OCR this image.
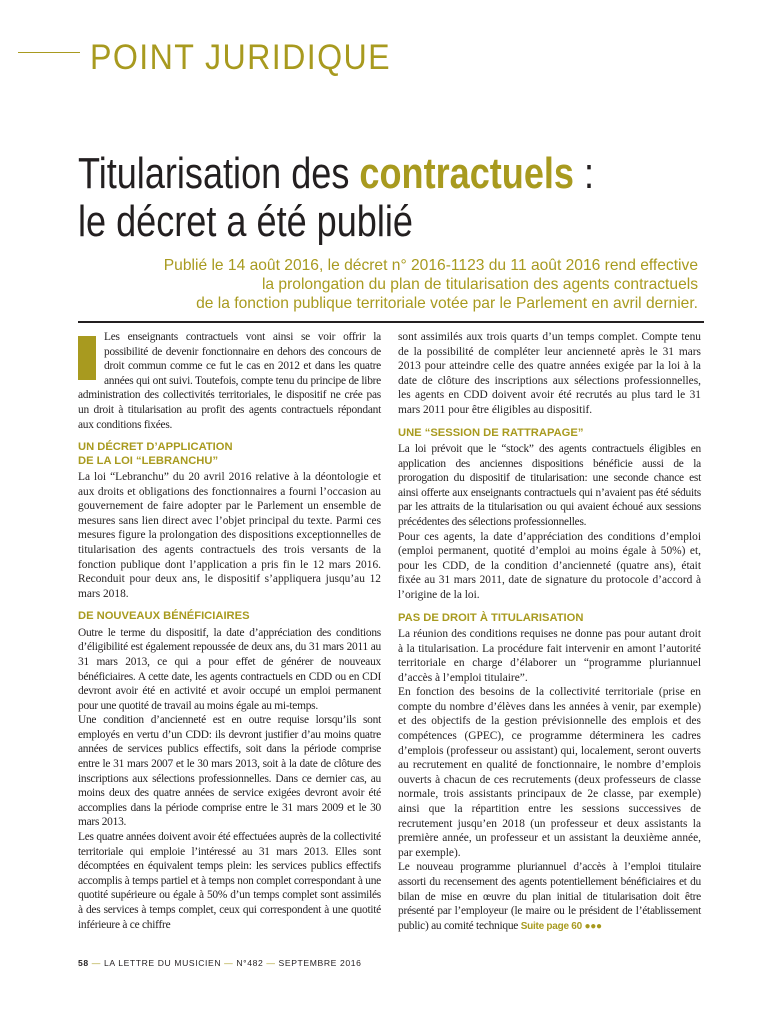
POINT JURIDIQUE
Titularisation des contractuels :
le décret a été publié

Publié le 14 août 2016, le décret n° 2016-1123 du 11 août 2016 rend effective
la prolongation du plan de titularisation des agents contractuels
de la fonction publique territoriale votée par le Parlement en avril dernier.

Les enseignants contractuels vont ainsi se voir offrir la possibilité de devenir fonctionnaire en dehors des concours de droit commun comme ce fut le cas en 2012 et dans les quatre années qui ont suivi. Toutefois, compte tenu du principe de libre administration des collectivités territoriales, le dispositif ne crée pas un droit à titularisation au profit des agents contractuels répondant aux conditions fixées.

UN DÉCRET D’APPLICATION
DE LA LOI “LEBRANCHU”

La loi “Lebranchu” du 20 avril 2016 relative à la déontologie et aux droits et obligations des fonctionnaires a fourni l’occasion au gouvernement de faire adopter par le Parlement un ensemble de mesures sans lien direct avec l’objet principal du texte. Parmi ces mesures figure la prolongation des dispositions exceptionnelles de titularisation des agents contractuels des trois versants de la fonction publique dont l’application a pris fin le 12 mars 2016. Reconduit pour deux ans, le dispositif s’appliquera jusqu’au 12 mars 2018.

DE NOUVEAUX BÉNÉFICIAIRES

Outre le terme du dispositif, la date d’appréciation des conditions d’éligibilité est également repoussée de deux ans, du 31 mars 2011 au 31 mars 2013, ce qui a pour effet de générer de nouveaux bénéficiaires. A cette date, les agents contractuels en CDD ou en CDI devront avoir été en activité et avoir occupé un emploi permanent pour une quotité de travail au moins égale au mi-temps.

Une condition d’ancienneté est en outre requise lorsqu’ils sont employés en vertu d’un CDD: ils devront justifier d’au moins quatre années de services publics effectifs, soit dans la période comprise entre le 31 mars 2007 et le 30 mars 2013, soit à la date de clôture des inscriptions aux sélections professionnelles. Dans ce dernier cas, au moins deux des quatre années de service exigées devront avoir été accomplies dans la période comprise entre le 31 mars 2009 et le 30 mars 2013.

Les quatre années doivent avoir été effectuées auprès de la collectivité territoriale qui emploie l’intéressé au 31 mars 2013. Elles sont décomptées en équivalent temps plein: les services publics effectifs accomplis à temps partiel et à temps non complet correspondant à une quotité supérieure ou égale à 50% d’un temps complet sont assimilés à des services à temps complet, ceux qui correspondent à une quotité inférieure à ce chiffre

sont assimilés aux trois quarts d’un temps complet. Compte tenu de la possibilité de compléter leur ancienneté après le 31 mars 2013 pour atteindre celle des quatre années exigée par la loi à la date de clôture des inscriptions aux sélections professionnelles, les agents en CDD doivent avoir été recrutés au plus tard le 31 mars 2011 pour être éligibles au dispositif.

UNE “SESSION DE RATTRAPAGE”

La loi prévoit que le “stock” des agents contractuels éligibles en application des anciennes dispositions bénéficie aussi de la prorogation du dispositif de titularisation: une seconde chance est ainsi offerte aux enseignants contractuels qui n’avaient pas été séduits par les attraits de la titularisation ou qui avaient échoué aux sessions précédentes des sélections professionnelles.

Pour ces agents, la date d’appréciation des conditions d’emploi (emploi permanent, quotité d’emploi au moins égale à 50%) et, pour les CDD, de la condition d’ancienneté (quatre ans), était fixée au 31 mars 2011, date de signature du protocole d’accord à l’origine de la loi.

PAS DE DROIT À TITULARISATION

La réunion des conditions requises ne donne pas pour autant droit à la titularisation. La procédure fait intervenir en amont l’autorité territoriale en charge d’élaborer un “programme pluriannuel d’accès à l’emploi titulaire”.

En fonction des besoins de la collectivité territoriale (prise en compte du nombre d’élèves dans les années à venir, par exemple) et des objectifs de la gestion prévisionnelle des emplois et des compétences (GPEC), ce programme déterminera les cadres d’emplois (professeur ou assistant) qui, localement, seront ouverts au recrutement en qualité de fonctionnaire, le nombre d’emplois ouverts à chacun de ces recrutements (deux professeurs de classe normale, trois assistants principaux de 2e classe, par exemple) ainsi que la répartition entre les sessions successives de recrutement jusqu’en 2018 (un professeur et deux assistants la première année, un professeur et un assistant la deuxième année, par exemple).

Le nouveau programme pluriannuel d’accès à l’emploi titulaire assorti du recensement des agents potentiellement bénéficiaires et du bilan de mise en œuvre du plan initial de titularisation doit être présenté par l’employeur (le maire ou le président de l’établissement public) au comité technique Suite page 60 ●●●

58 — LA LETTRE DU MUSICIEN — N°482 — SEPTEMBRE 2016
